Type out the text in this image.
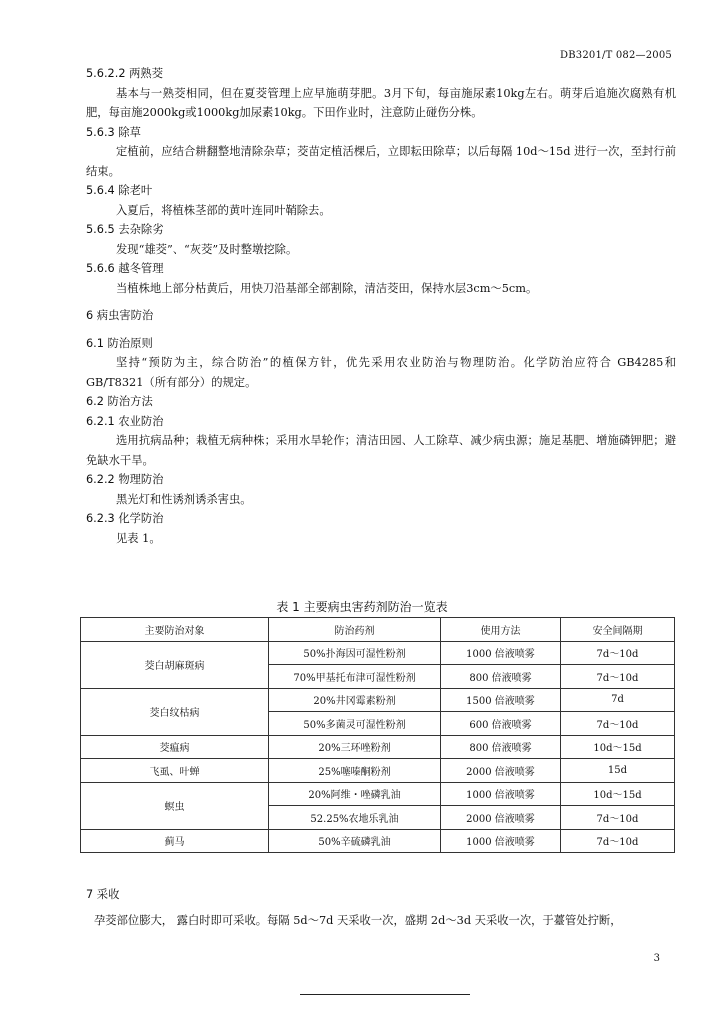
DB3201/T 082—2005
5.6.2.2 两熟茭
基本与一熟茭相同，但在夏茭管理上应早施萌芽肥。3月下旬，每亩施尿素10kg左右。萌芽后追施次腐熟有机肥，每亩施2000kg或1000kg加尿素10kg。下田作业时，注意防止碰伤分株。
5.6.3 除草
定植前，应结合耕翻整地清除杂草；茭苗定植活棵后，立即耘田除草；以后每隔 10d～15d 进行一次，至封行前结束。
5.6.4 除老叶
入夏后，将植株茎部的黄叶连同叶鞘除去。
5.6.5 去杂除劣
发现“雄茭”、“灰茭”及时整墩挖除。
5.6.6 越冬管理
当植株地上部分枯黄后，用快刀沿基部全部割除，清洁茭田，保持水层3cm～5cm。
6 病虫害防治
6.1 防治原则
坚持“预防为主，综合防治”的植保方针，优先采用农业防治与物理防治。化学防治应符合 GB4285和 GB/T8321（所有部分）的规定。
6.2 防治方法
6.2.1 农业防治
选用抗病品种；栽植无病种株；采用水旱轮作；清洁田园、人工除草、减少病虫源；施足基肥、增施磷钾肥；避免缺水干旱。
6.2.2 物理防治
黑光灯和性诱剂诱杀害虫。
6.2.3 化学防治
见表 1。
表 1 主要病虫害药剂防治一览表
主要防治对象	防治药剂	使用方法	安全间隔期
茭白胡麻斑病	50%扑海因可湿性粉剂	1000 倍液喷雾	7d～10d
	70%甲基托布津可湿性粉剂	800 倍液喷雾	7d～10d
茭白纹枯病	20%井冈霉素粉剂	1500 倍液喷雾	7d
	50%多菌灵可湿性粉剂	600 倍液喷雾	7d～10d
茭瘟病	20%三环唑粉剂	800 倍液喷雾	10d～15d
飞虱、叶蝉	25%噻嗪酮粉剂	2000 倍液喷雾	15d
螟虫	20%阿维・唑磷乳油	1000 倍液喷雾	10d～15d
	52.25%农地乐乳油	2000 倍液喷雾	7d～10d
蓟马	50%辛硫磷乳油	1000 倍液喷雾	7d～10d
7 采收
孕茭部位膨大， 露白时即可采收。每隔 5d～7d 天采收一次，盛期 2d～3d 天采收一次，于薹管处拧断，
3
